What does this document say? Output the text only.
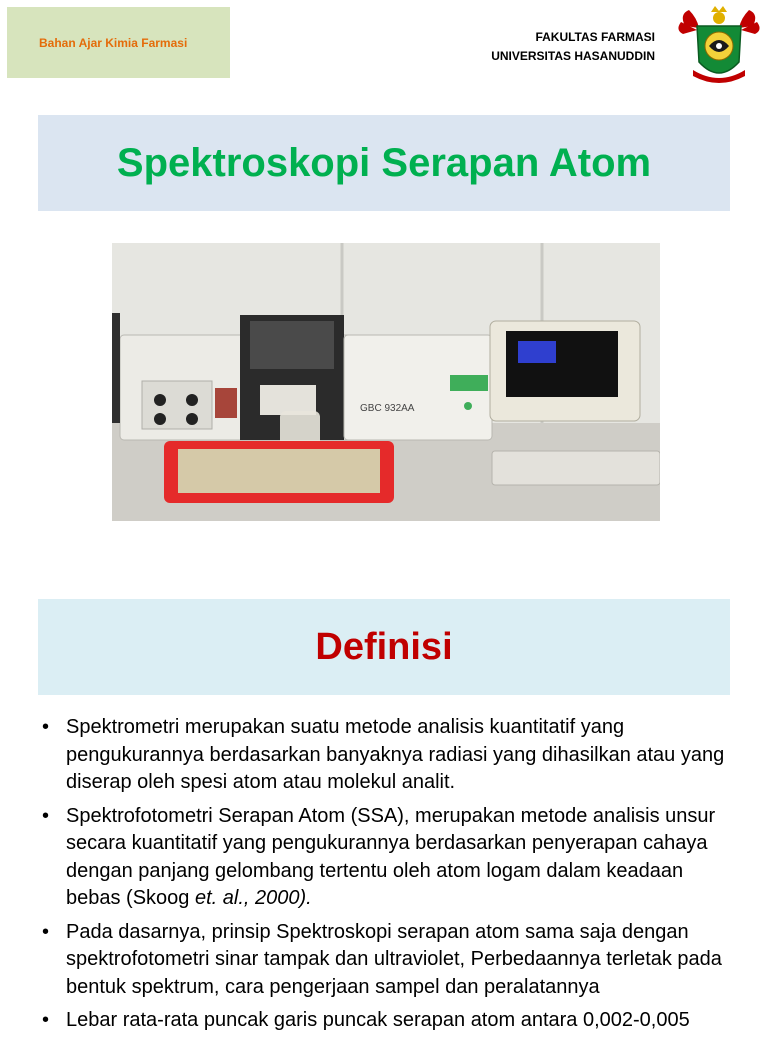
Bahan Ajar Kimia Farmasi	FAKULTAS FARMASI
UNIVERSITAS HASANUDDIN
Spektroskopi Serapan Atom
GBC 932AA
Definisi
• Spektrometri merupakan suatu metode analisis kuantitatif yang pengukurannya berdasarkan banyaknya radiasi yang dihasilkan atau yang diserap oleh spesi atom atau molekul analit.
• Spektrofotometri Serapan Atom (SSA), merupakan metode analisis unsur secara kuantitatif yang pengukurannya berdasarkan penyerapan cahaya dengan panjang gelombang tertentu oleh atom logam dalam keadaan bebas (Skoog et. al., 2000).
• Pada dasarnya, prinsip Spektroskopi serapan atom sama saja dengan spektrofotometri sinar tampak dan ultraviolet, Perbedaannya terletak pada bentuk spektrum, cara pengerjaan sampel dan peralatannya
• Lebar rata-rata puncak garis puncak serapan atom antara 0,002-0,005
